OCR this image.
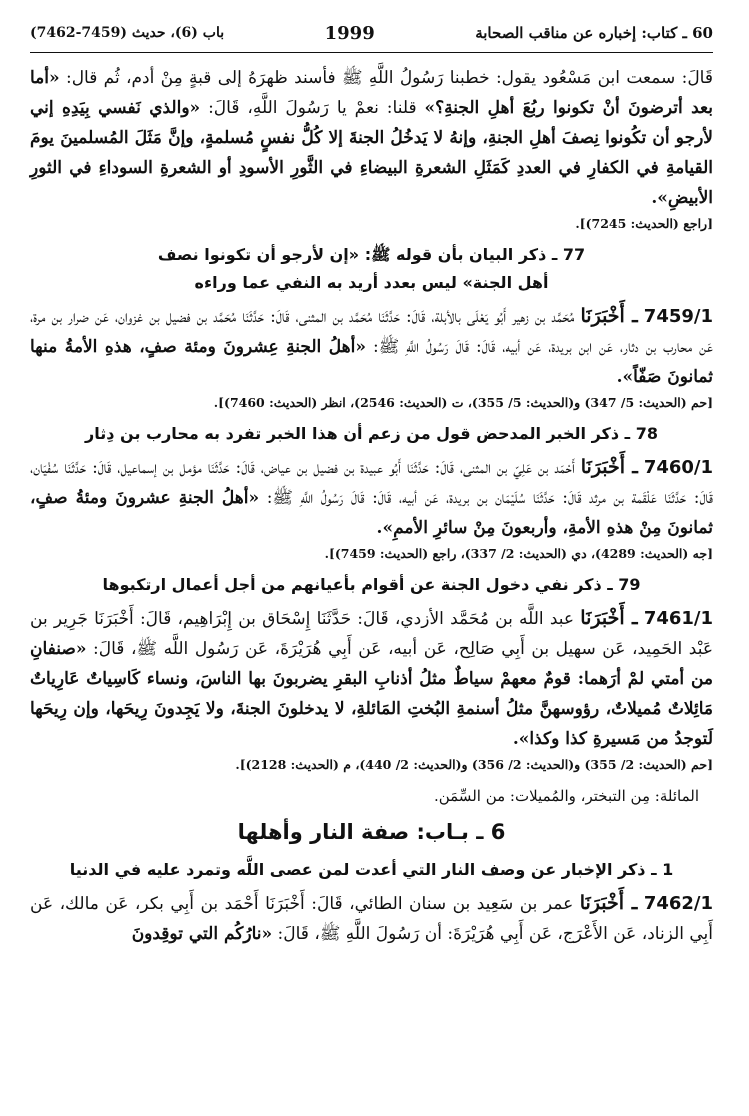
باب (6)، حديث (7459-7462)	1999	60 ـ كتاب: إخباره عن مناقب الصحابة

قَالَ: سمعت ابن مَسْعُود يقول: خطبنا رَسُولُ اللَّهِ ﷺ فأسند ظهرَهُ إلى قبةٍ مِنْ أدم، ثُم قال: «أما بعد أترضونَ أنْ تكونوا ربُعَ أهلِ الجنةِ؟» قلنا: نعمْ يا رَسُولَ اللَّهِ، قَالَ: «والذي نَفسي بِيَدِهِ إني لأرجو أن تكُونوا نِصفَ أهلِ الجنةِ، وإنهُ لا يَدخُلُ الجنةَ إلا كُلُّ نفسٍ مُسلمةٍ، وإنَّ مَثَلَ المُسلمينَ يومَ القيامةِ في الكفارِ في العددِ كَمَثَلِ الشعرةِ البيضاءِ في الثَّورِ الأسودِ أو الشعرةِ السوداءِ في الثورِ الأبيضِ».

[راجع (الحديث: 7245)].
77 ـ ذكر البيان بأن قوله ﷺ: «إن لأرجو أن تكونوا نصف
أهل الجنة» ليس بعدد أريد به النفي عما وراءه

7459/1 ـ أَخْبَرَنَا مُحَمَّد بن زهير أَبُو يَعْلَى بالأبلة، قَالَ: حَدَّثَنَا مُحَمَّد بن المثنى، قَالَ: حَدَّثَنَا مُحَمَّد بن فضيل بن غزوان، عَن ضرار بن مرة، عَن محارب بن دثار، عَن ابن بريدة، عَن أبيه، قَالَ: قَالَ رَسُولُ اللَّهِ ﷺ: «أهلُ الجنةِ عِشرونَ ومئة صفٍ، هذهِ الأمةُ منها ثمانونَ صَفّاً».

[حم (الحديث: 5/ 347) و(الحديث: 5/ 355)، ت (الحديث: 2546)، انظر (الحديث: 7460)].
78 ـ ذكر الخبر المدحض قول من زعم أن هذا الخبر تفرد به محارب بن دِثار

7460/1 ـ أَخْبَرَنَا أَحْمَد بن عَلِيّ بن المثنى، قَالَ: حَدَّثَنَا أَبُو عبيدة بن فضيل بن عياض، قَالَ: حَدَّثَنَا مؤمل بن إسماعيل، قَالَ: حَدَّثَنَا سُفْيَان، قَالَ: حَدَّثَنَا عَلْقَمة بن مرثد قَالَ: حَدَّثَنَا سُلَيْمَان بن بريدة، عَن أبيه، قَالَ: قَالَ رَسُولُ اللَّهِ ﷺ: «أهلُ الجنةِ عشرونَ ومئةُ صفٍ، ثمانونَ مِنْ هذهِ الأمةِ، وأربعونَ مِنْ سائرِ الأممِ».

[جه (الحديث: 4289)، دي (الحديث: 2/ 337)، راجع (الحديث: 7459)].
79 ـ ذكر نفي دخول الجنة عن أقوام بأعيانهم من أجل أعمال ارتكبوها

7461/1 ـ أَخْبَرَنَا عبد اللَّه بن مُحَمَّد الأزدي، قَالَ: حَدَّثَنَا إِسْحَاق بن إِبْرَاهِيم، قَالَ: أَخْبَرَنَا جَرِير بن عَبْد الحَمِيد، عَن سهيل بن أَبِي صَالِح، عَن أبيه، عَن أَبِي هُرَيْرَةَ، عَن رَسُول اللَّه ﷺ، قَالَ: «صنفانِ من أمتي لمْ أرَهما: قومٌ معهمْ سياطٌ مثلُ أذنابِ البقرِ يضربونَ بها الناسَ، ونساء كَاسِياتٌ عَارِياتٌ مَائِلاتٌ مُميلاتٌ، رؤوسهنَّ مثلُ أسنمةِ البُختِ المَائلةِ، لا يدخلونَ الجنةَ، ولا يَجِدونَ رِيحَها، وإن رِيحَها لَتوجدُ من مَسيرةِ كذا وكذا».

[حم (الحديث: 2/ 355) و(الحديث: 2/ 356) و(الحديث: 2/ 440)، م (الحديث: 2128)].

المائلة: مِن التبختر، والمُميلات: من السِّمَن.

6 ـ بـاب: صفة النار وأهلها
1 ـ ذكر الإخبار عن وصف النار التي أعدت لمن عصى اللَّه وتمرد عليه في الدنيا

7462/1 ـ أَخْبَرَنَا عمر بن سَعِيد بن سنان الطائي، قَالَ: أَخْبَرَنَا أَحْمَد بن أَبِي بكر، عَن مالك، عَن أَبِي الزناد، عَن الأَعْرَج، عَن أَبِي هُرَيْرَةَ: أن رَسُولَ اللَّهِ ﷺ، قَالَ: «نارُكُم التي توقِدونَ
